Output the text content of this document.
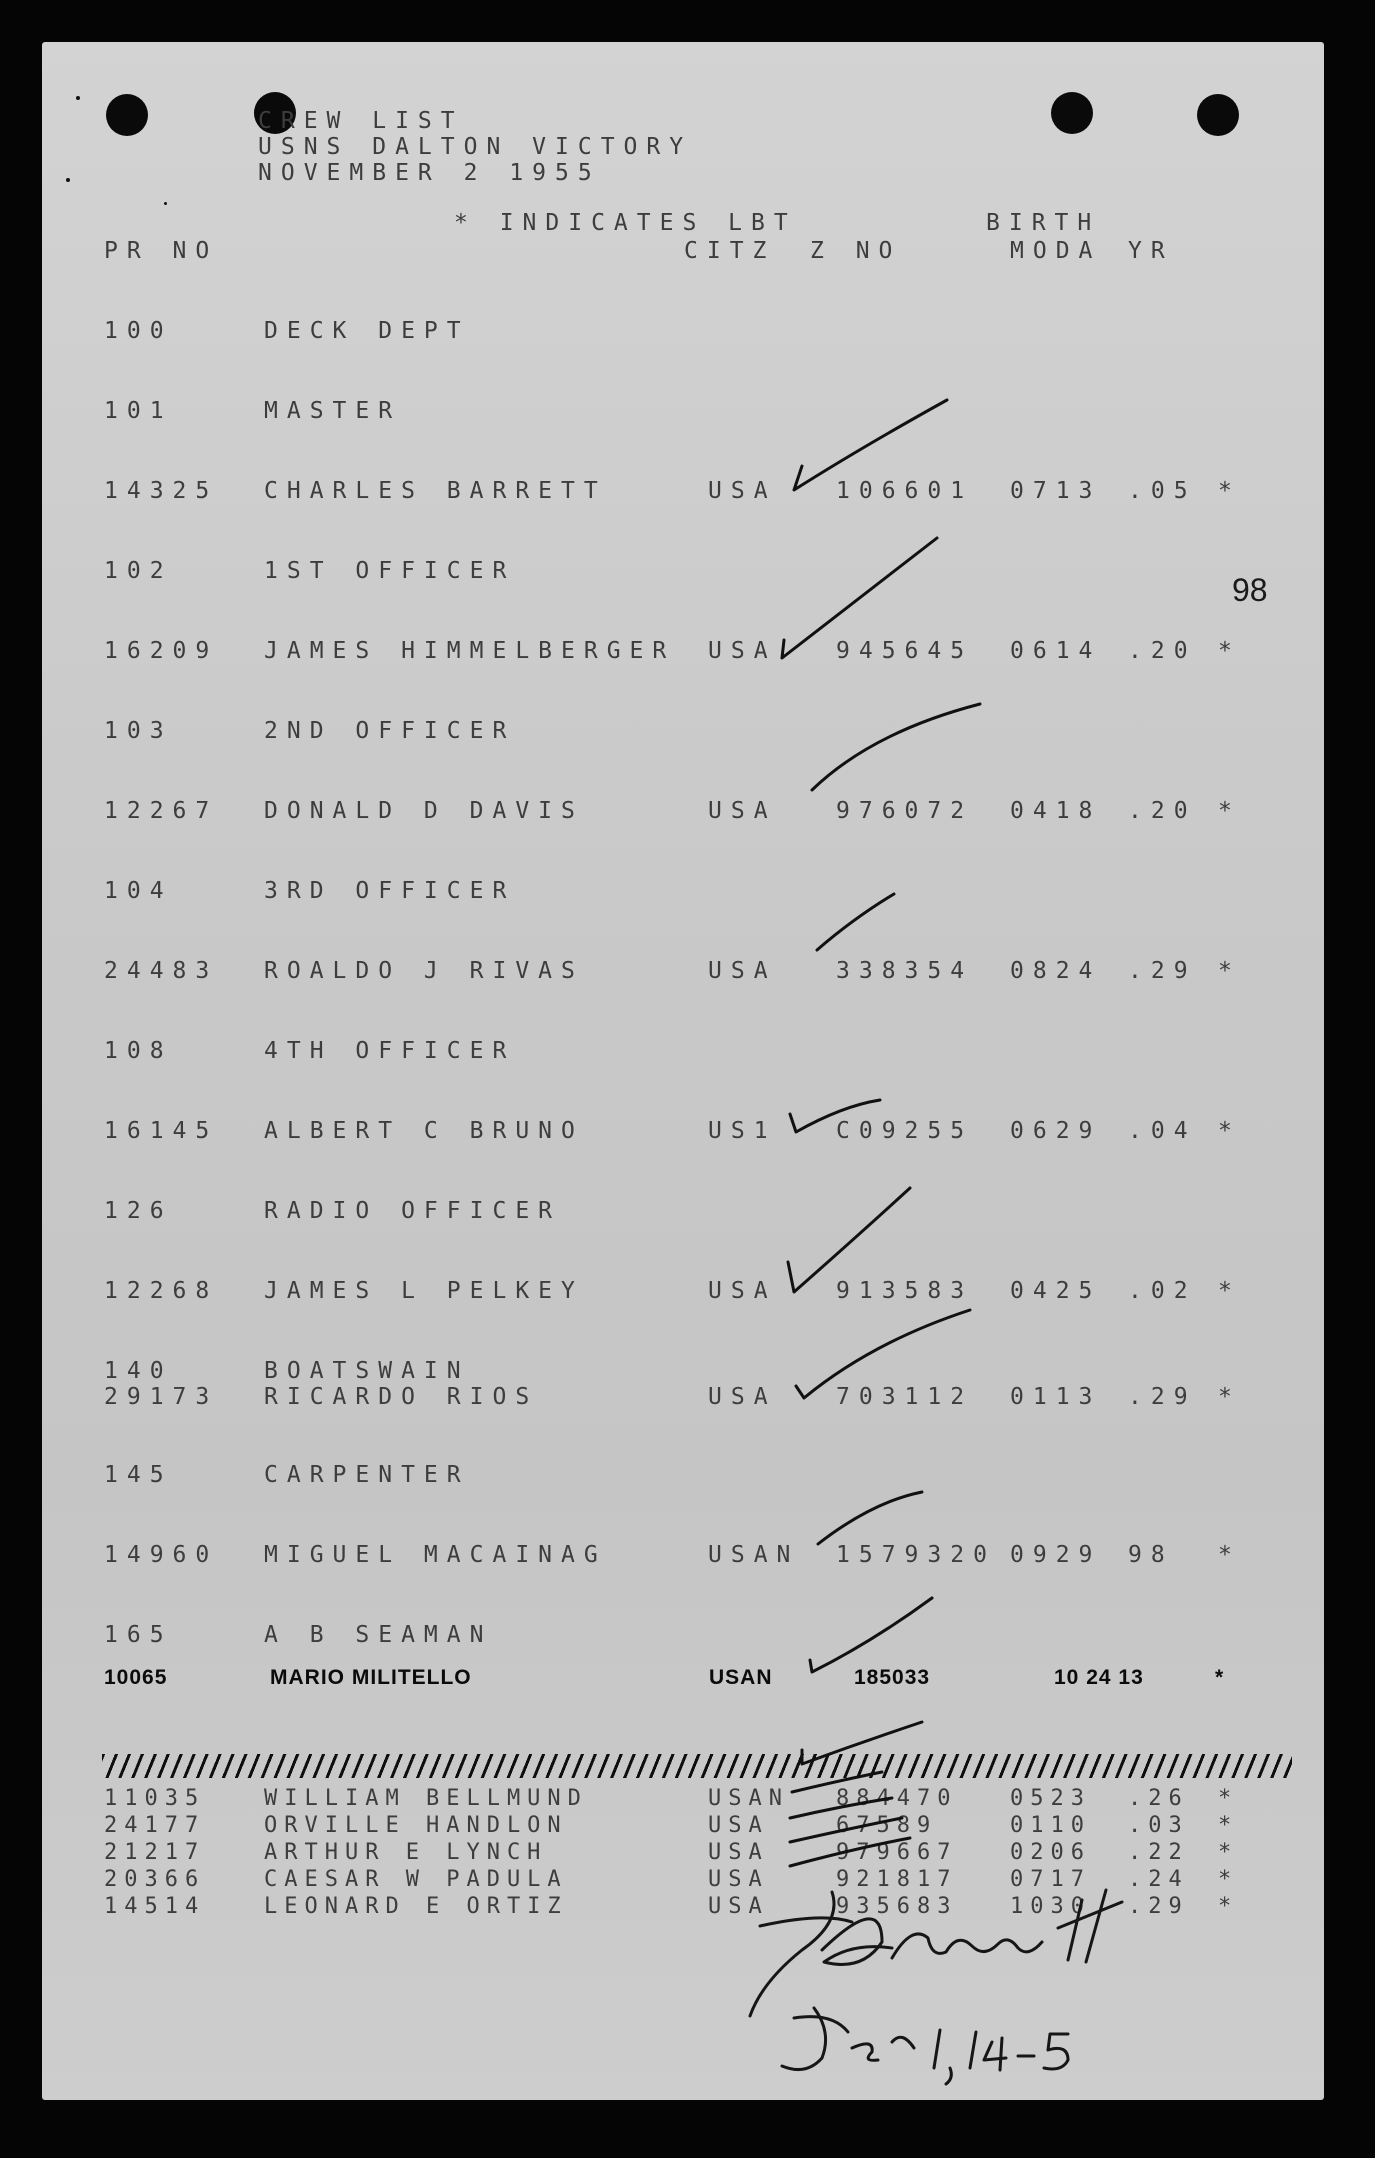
CREW LIST
USNS DALTON VICTORY
NOVEMBER 2 1955
* INDICATES LBT	BIRTH
PR NO	CITZ Z NO	MODA YR
98
100	DECK DEPT
101	MASTER
14325 CHARLES BARRETT	USA	106601 0713 .05 *
102	1ST OFFICER
16209 JAMES HIMMELBERGER USA	945645 0614 .20 *
103	2ND OFFICER
12267 DONALD D DAVIS	USA	976072 0418 .20 *
104	3RD OFFICER
24483 ROALDO J RIVAS	USA	338354 0824 .29 *
108	4TH OFFICER
16145 ALBERT C BRUNO	US1	C09255 0629 .04 *
126	RADIO OFFICER
12268 JAMES L PELKEY	USA	913583 0425 .02 *
140	BOATSWAIN
29173 RICARDO RIOS	USA	703112 0113 .29 *
145	CARPENTER
14960 MIGUEL MACAINAG	USAN 1579320 0929 98 *
165	A B SEAMAN
10065	MARIO MILITELLO	USAN	185033	10 24 13	*
11035	WILLIAM BELLMUND	USAN 884470 0523 .26 *
24177	ORVILLE HANDLON	USA	67589	0110 .03 *
21217	ARTHUR E LYNCH	USA	979667 0206 .22 *
20366	CAESAR W PADULA	USA	921817 0717 .24 *
14514	LEONARD E ORTIZ	USA	935683 1030 .29 *
